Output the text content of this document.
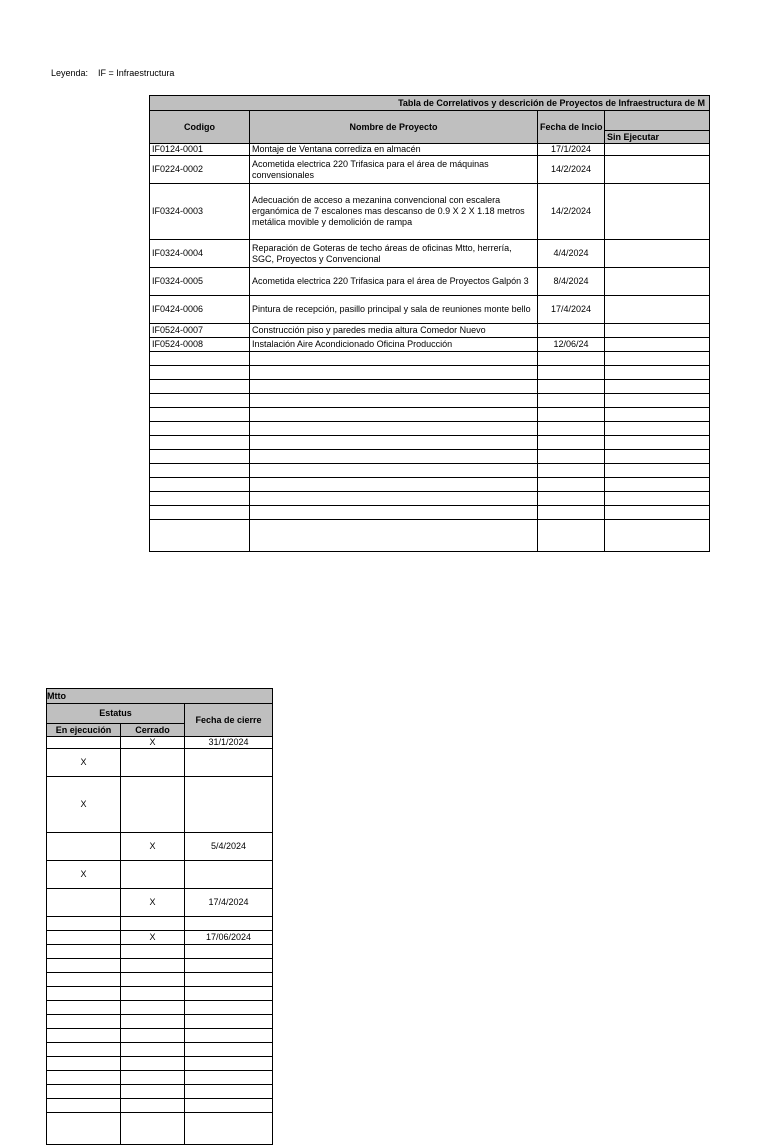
Leyenda: IF = Infraestructura
Tabla de Correlativos y descrición de Proyectos de Infraestructura de M			
Codigo	Nombre de Proyecto	Fecha de Incio	
			Sin Ejecutar
IF0124-0001	Montaje de Ventana corrediza en almacén	17/1/2024	
IF0224-0002	Acometida electrica 220 Trifasica para el área de máquinas convensionales	14/2/2024	
IF0324-0003	Adecuación de acceso a mezanina convencional con escalera erganómica de 7 escalones mas descanso de 0.9 X 2 X 1.18 metros metálica movible y demolición de rampa	14/2/2024	
IF0324-0004	Reparación de Goteras de techo áreas de oficinas Mtto, herrería, SGC, Proyectos y Convencional	4/4/2024	
IF0324-0005	Acometida electrica 220 Trifasica para el área de Proyectos Galpón 3	8/4/2024	
IF0424-0006	Pintura de recepción, pasillo principal y sala de reuniones monte bello	17/4/2024	
IF0524-0007	Construcción piso y paredes media altura Comedor Nuevo		
IF0524-0008	Instalación Aire Acondicionado Oficina Producción	12/06/24	

Mtto		
Estatus		Fecha de cierre
En ejecución	Cerrado	
	X	31/1/2024
X		
X		
	X	5/4/2024
X		
	X	17/4/2024

	X	17/06/2024
